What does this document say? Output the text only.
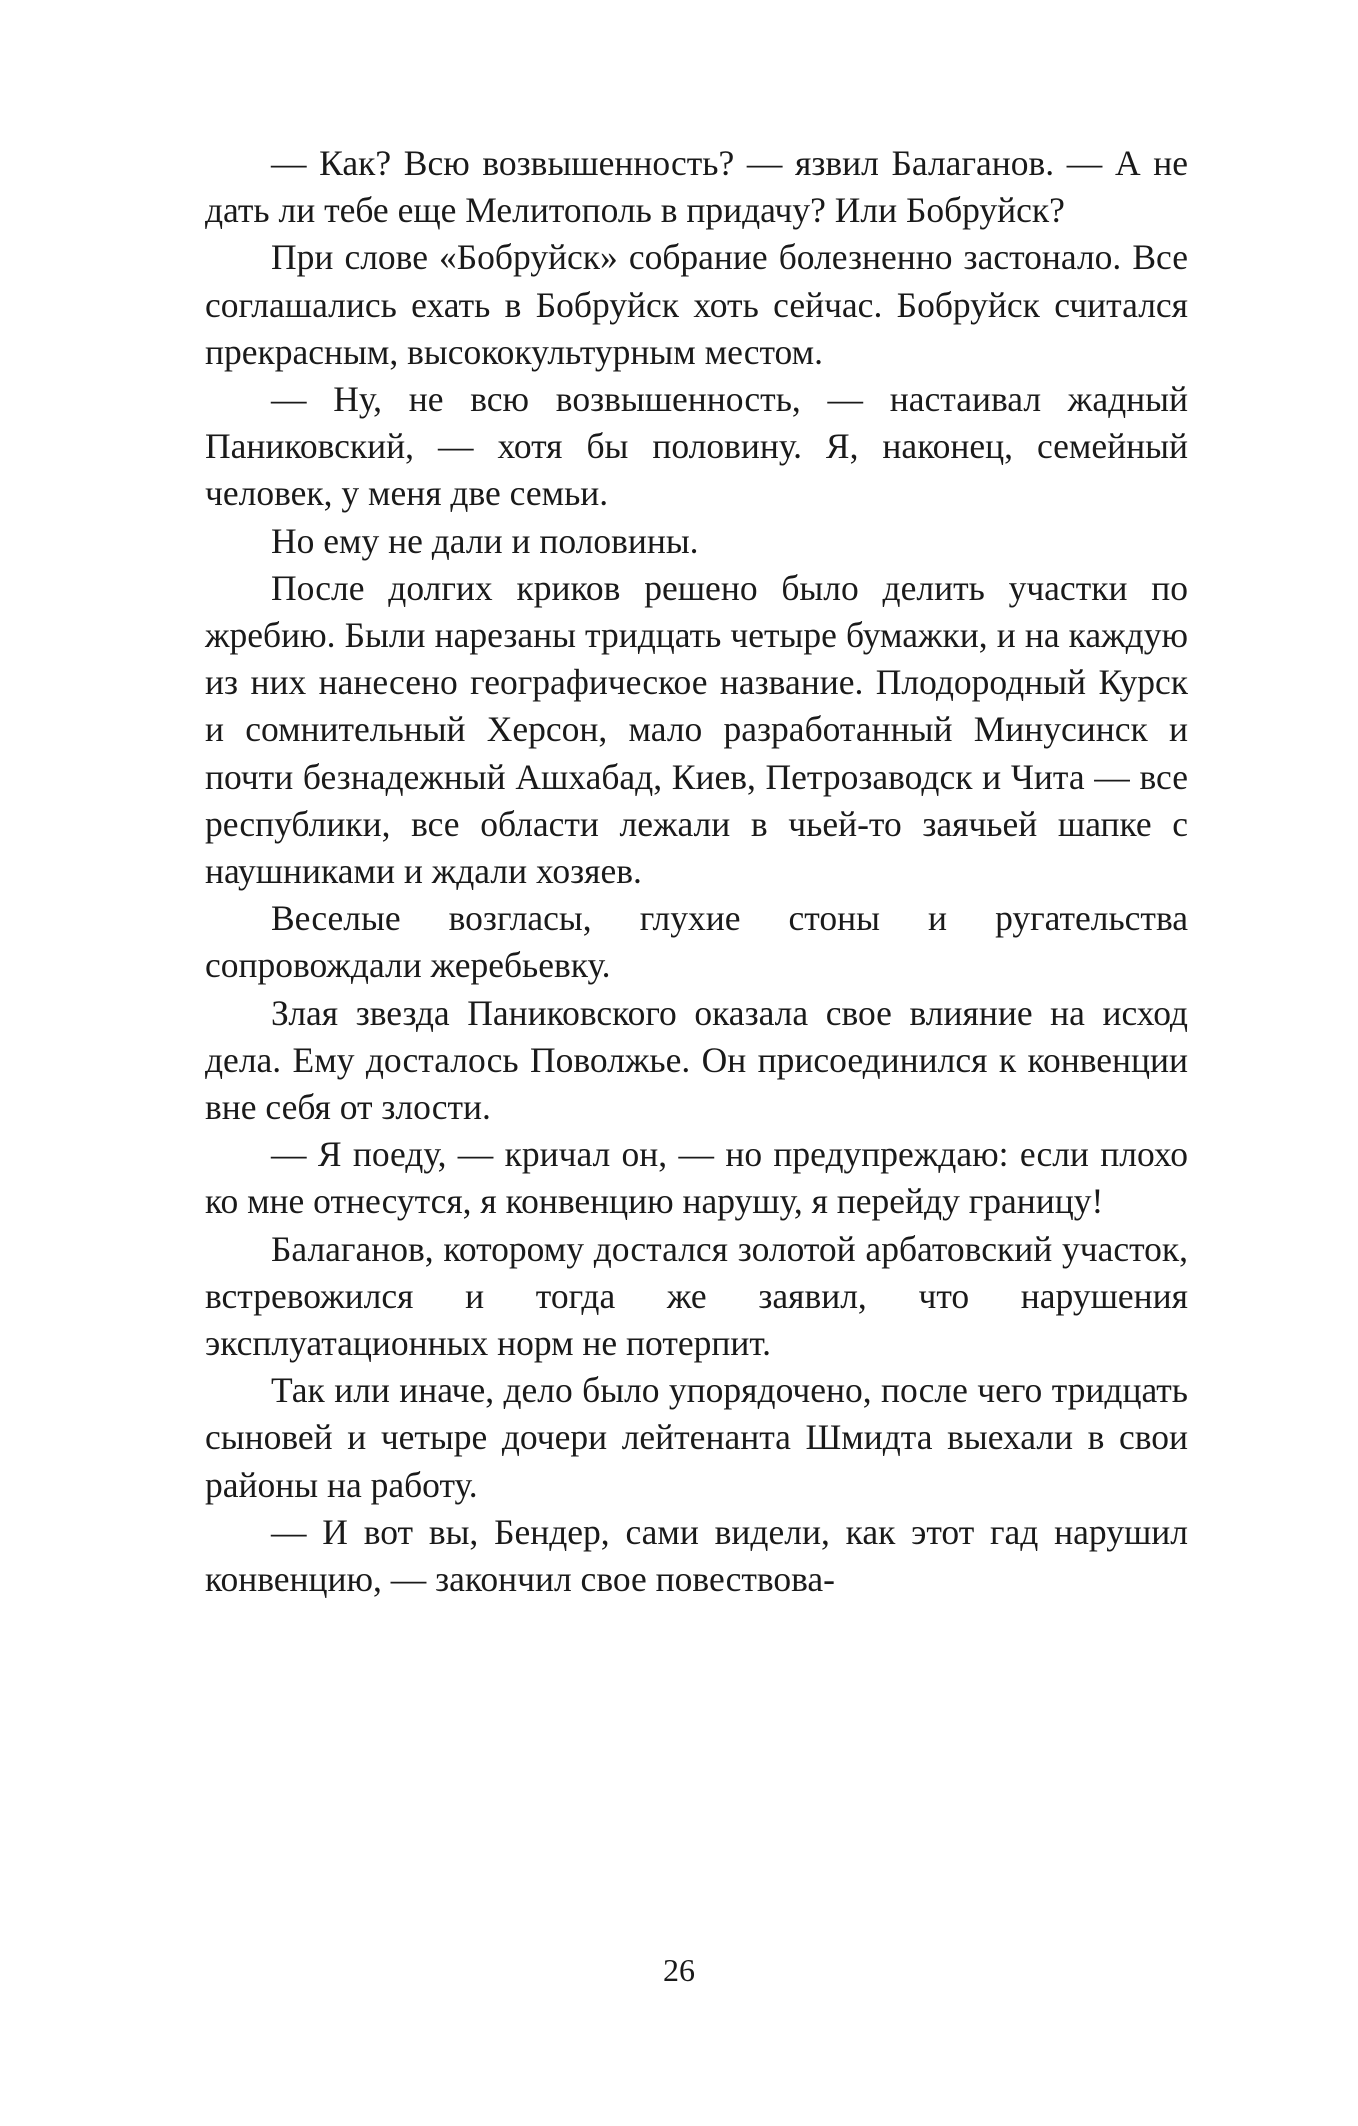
— Как? Всю возвышенность? — язвил Балаганов. — А не дать ли тебе еще Мелитополь в придачу? Или Бобруйск?

При слове «Бобруйск» собрание болезненно застонало. Все соглашались ехать в Бобруйск хоть сейчас. Бобруйск считался прекрасным, высококультурным местом.

— Ну, не всю возвышенность, — настаивал жадный Паниковский, — хотя бы половину. Я, наконец, семейный человек, у меня две семьи.

Но ему не дали и половины.

После долгих криков решено было делить участки по жребию. Были нарезаны тридцать четыре бумажки, и на каждую из них нанесено географическое название. Плодородный Курск и сомнительный Херсон, мало разработанный Минусинск и почти безнадежный Ашхабад, Киев, Петрозаводск и Чита — все республики, все области лежали в чьей-то заячьей шапке с наушниками и ждали хозяев.

Веселые возгласы, глухие стоны и ругательства сопровождали жеребьевку.

Злая звезда Паниковского оказала свое влияние на исход дела. Ему досталось Поволжье. Он присоединился к конвенции вне себя от злости.

— Я поеду, — кричал он, — но предупреждаю: если плохо ко мне отнесутся, я конвенцию нарушу, я перейду границу!

Балаганов, которому достался золотой арбатовский участок, встревожился и тогда же заявил, что нарушения эксплуатационных норм не потерпит.

Так или иначе, дело было упорядочено, после чего тридцать сыновей и четыре дочери лейтенанта Шмидта выехали в свои районы на работу.

— И вот вы, Бендер, сами видели, как этот гад нарушил конвенцию, — закончил свое повествова-

26
